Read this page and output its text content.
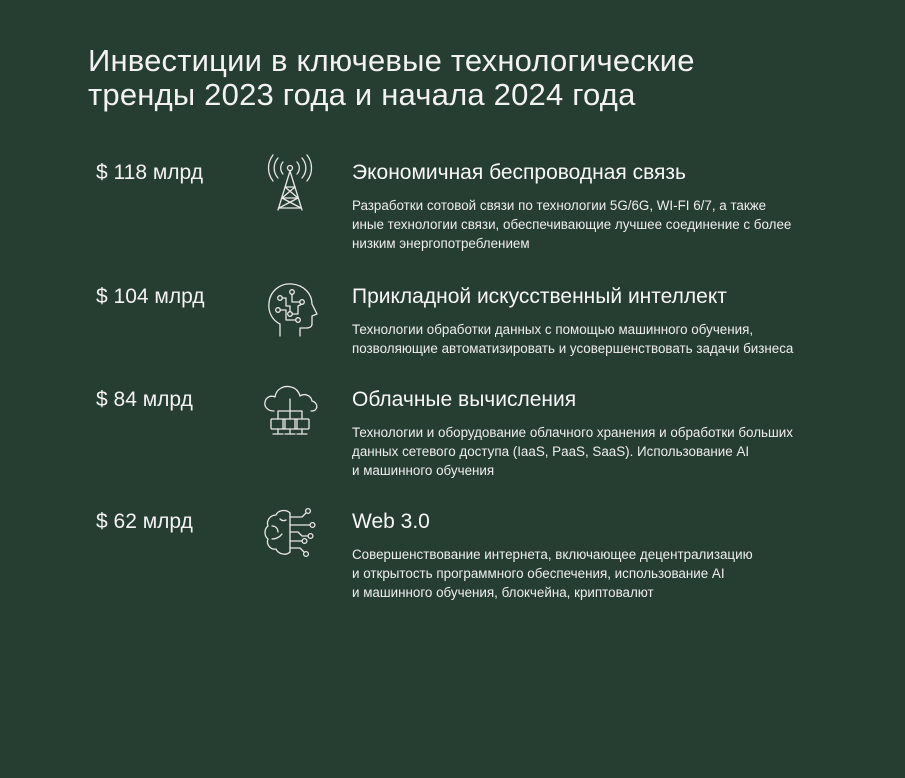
Инвестиции в ключевые технологические
тренды 2023 года и начала 2024 года
$ 118 млрд	Экономичная беспроводная связь
Разработки сотовой связи по технологии 5G/6G, WI-FI 6/7, а также
иные технологии связи, обеспечивающие лучшее соединение с более
низким энергопотреблением
$ 104 млрд	Прикладной искусственный интеллект
Технологии обработки данных с помощью машинного обучения,
позволяющие автоматизировать и усовершенствовать задачи бизнеса
$ 84 млрд	Облачные вычисления
Технологии и оборудование облачного хранения и обработки больших
данных сетевого доступа (IaaS, PaaS, SaaS). Использование AI
и машинного обучения
$ 62 млрд	Web 3.0
Совершенствование интернета, включающее децентрализацию
и открытость программного обеспечения, использование AI
и машинного обучения, блокчейна, криптовалют
